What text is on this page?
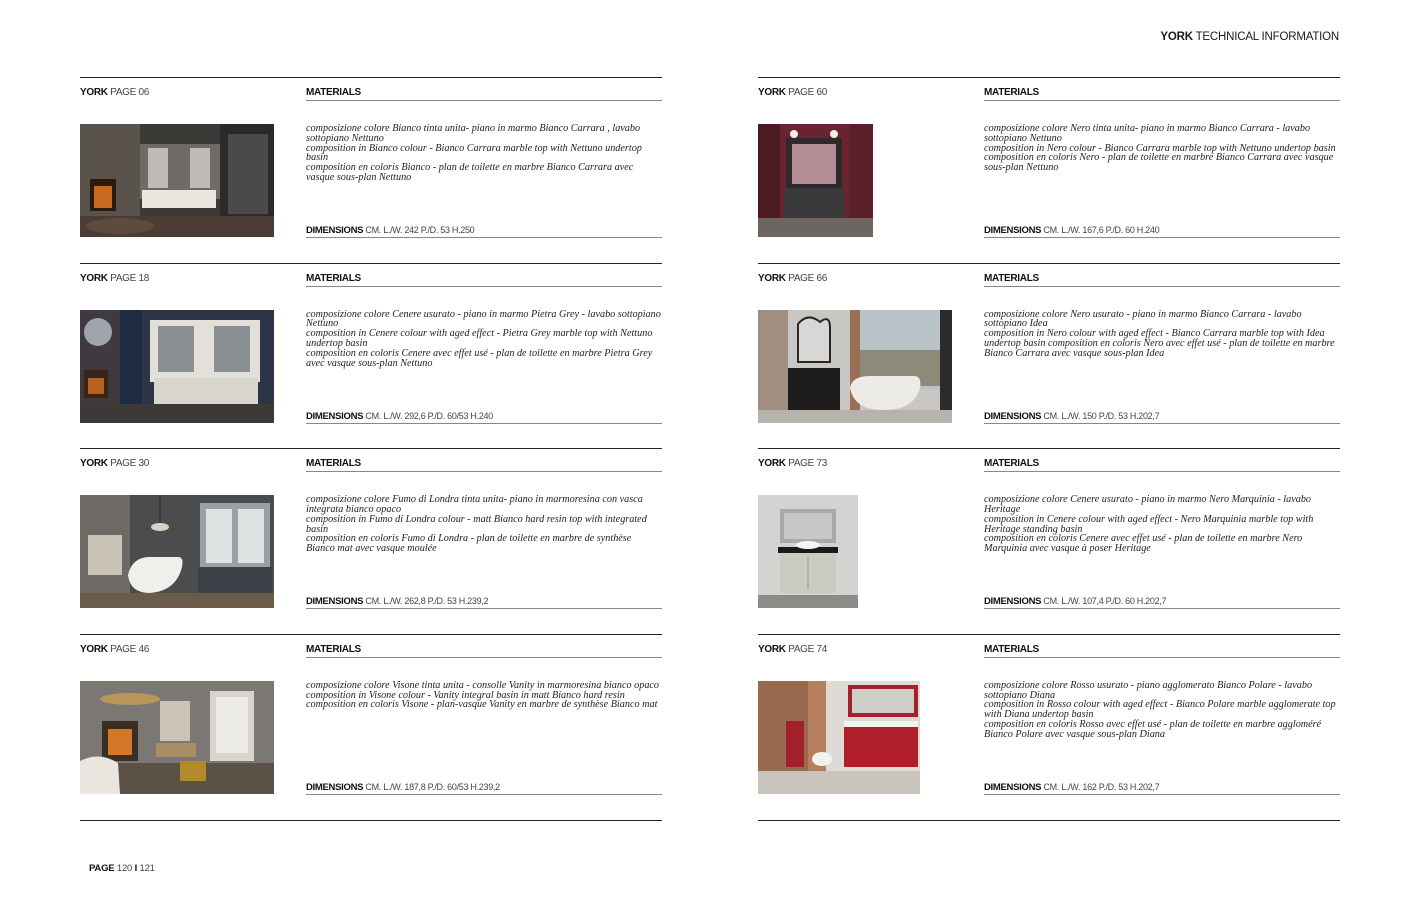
YORK TECHNICAL INFORMATION
YORK PAGE 06	MATERIALS
composizione colore Bianco tinta unita- piano in marmo Bianco Carrara , lavabo sottopiano Nettuno
composition in Bianco colour - Bianco Carrara marble top with Nettuno undertop basin
composition en coloris Bianco - plan de toilette en marbre Bianco Carrara avec vasque sous-plan Nettuno
DIMENSIONS CM. L./W. 242 P./D. 53 H.250
YORK PAGE 18	MATERIALS
composizione colore Cenere usurato - piano in marmo Pietra Grey - lavabo sottopiano Nettuno
composition in Cenere colour with aged effect - Pietra Grey marble top with Nettuno undertop basin
composition en coloris Cenere avec effet usé - plan de toilette en marbre Pietra Grey avec vasque sous-plan Nettuno
DIMENSIONS CM. L./W. 292,6 P./D. 60/53 H.240
YORK PAGE 30	MATERIALS
composizione colore Fumo di Londra tinta unita- piano in marmoresina con vasca integrata bianco opaco
composition in Fumo di Londra colour - matt Bianco hard resin top with integrated basin
composition en coloris Fumo di Londra - plan de toilette en marbre de synthèse Bianco mat avec vasque moulée
DIMENSIONS CM. L./W. 262,8 P./D. 53 H.239,2
YORK PAGE 46	MATERIALS
composizione colore Visone tinta unita - consolle Vanity in marmoresina bianco opaco
composition in Visone colour - Vanity integral basin in matt Bianco hard resin
composition en coloris Visone - plan-vasque Vanity en marbre de synthèse Bianco mat
DIMENSIONS CM. L./W. 187,8 P./D. 60/53 H.239,2
YORK PAGE 60	MATERIALS
composizione colore Nero tinta unita- piano in marmo Bianco Carrara - lavabo sottopiano Nettuno
composition in Nero colour - Bianco Carrara marble top with Nettuno undertop basin
composition en coloris Nero - plan de toilette en marbre Bianco Carrara avec vasque sous-plan Nettuno
DIMENSIONS CM. L./W. 167,6 P./D. 60 H.240
YORK PAGE 66	MATERIALS
composizione colore Nero usurato - piano in marmo Bianco Carrara - lavabo sottopiano Idea
composition in Nero colour with aged effect - Bianco Carrara marble top with Idea undertop basin composition en coloris Nero avec effet usé - plan de toilette en marbre Bianco Carrara avec vasque sous-plan Idea
DIMENSIONS CM. L./W. 150 P./D. 53 H.202,7
YORK PAGE 73	MATERIALS
composizione colore Cenere usurato - piano in marmo Nero Marquinia - lavabo Heritage
composition in Cenere colour with aged effect - Nero Marquinia marble top with Heritage standing basin
composition en coloris Cenere avec effet usé - plan de toilette en marbre Nero Marquinia avec vasque à poser Heritage
DIMENSIONS CM. L./W. 107,4 P./D. 60 H.202,7
YORK PAGE 74	MATERIALS
composizione colore Rosso usurato - piano agglomerato Bianco Polare - lavabo sottopiano Diana
composition in Rosso colour with aged effect - Bianco Polare marble agglomerate top with Diana undertop basin
composition en coloris Rosso avec effet usé - plan de toilette en marbre aggloméré Bianco Polare avec vasque sous-plan Diana
DIMENSIONS CM. L./W. 162 P./D. 53 H.202,7
PAGE 120 I 121
